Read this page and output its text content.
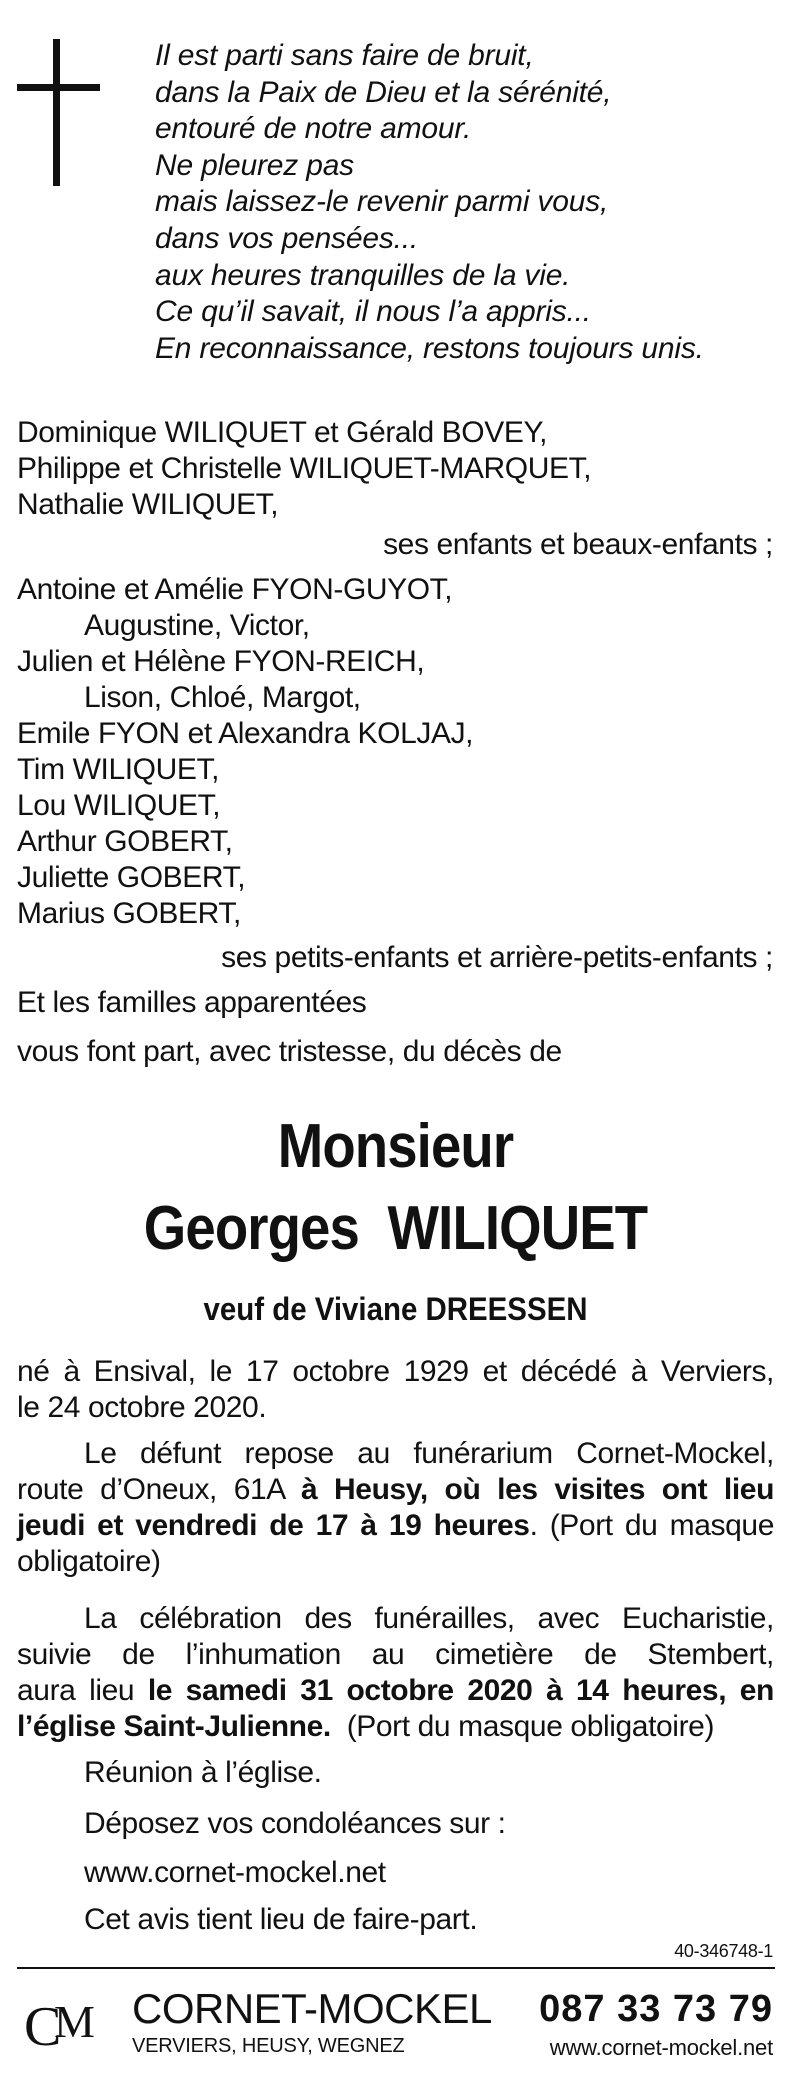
Il est parti sans faire de bruit,
dans la Paix de Dieu et la sérénité,
entouré de notre amour.
Ne pleurez pas
mais laissez-le revenir parmi vous,
dans vos pensées...
aux heures tranquilles de la vie.
Ce qu’il savait, il nous l’a appris...
En reconnaissance, restons toujours unis.
Dominique WILIQUET et Gérald BOVEY,
Philippe et Christelle WILIQUET-MARQUET,
Nathalie WILIQUET,
ses enfants et beaux-enfants ;
Antoine et Amélie FYON-GUYOT,
Augustine, Victor,
Julien et Hélène FYON-REICH,
Lison, Chloé, Margot,
Emile FYON et Alexandra KOLJAJ,
Tim WILIQUET,
Lou WILIQUET,
Arthur GOBERT,
Juliette GOBERT,
Marius GOBERT,
ses petits-enfants et arrière-petits-enfants ;
Et les familles apparentées
vous font part, avec tristesse, du décès de
Monsieur
Georges  WILIQUET
veuf de Viviane DREESSEN
né à Ensival, le 17 octobre 1929 et décédé à Verviers,
le 24 octobre 2020.
Le défunt repose au funérarium Cornet-Mockel,
route d’Oneux, 61A à Heusy, où les visites ont lieu
jeudi et vendredi de 17 à 19 heures. (Port du masque
obligatoire)
La célébration des funérailles, avec Eucharistie,
suivie de l’inhumation au cimetière de Stembert,
aura lieu le samedi 31 octobre 2020 à 14 heures, en
l’église Saint-Julienne.  (Port du masque obligatoire)
Réunion à l’église.
Déposez vos condoléances sur :
www.cornet-mockel.net
Cet avis tient lieu de faire-part.
40-346748-1
C
M CORNET-MOCKEL
VERVIERS, HEUSY, WEGNEZ
087 33 73 79
www.cornet-mockel.net
